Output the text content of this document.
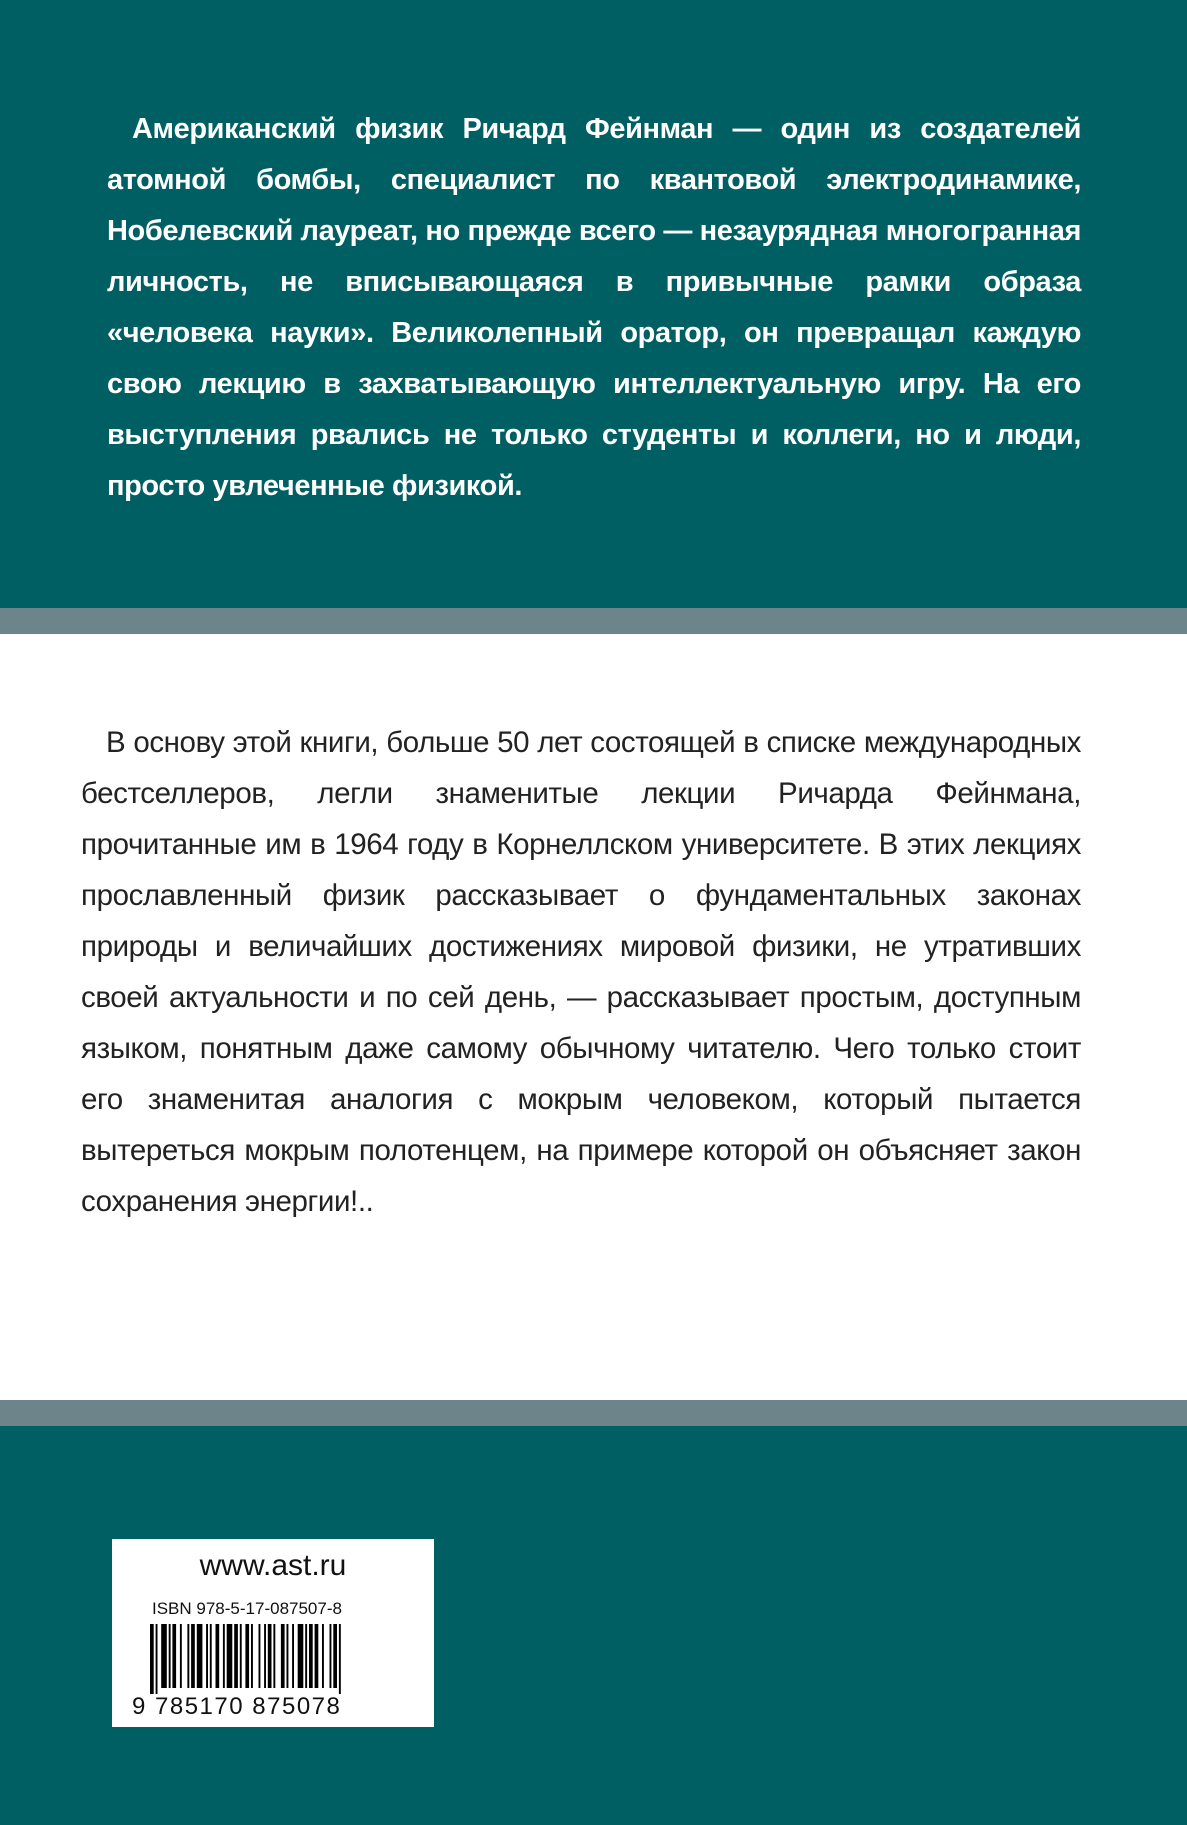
Американский физик Ричард Фейнман — один из создателей атомной бомбы, специалист по квантовой электродинамике, Нобелевский лауреат, но прежде всего — незаурядная многогранная личность, не вписывающаяся в привычные рамки образа «человека науки». Великолепный оратор, он превращал каждую свою лекцию в захватывающую интеллектуальную игру. На его выступления рвались не только студенты и коллеги, но и люди, просто увлеченные физикой.

В основу этой книги, больше 50 лет состоящей в списке международных бестселлеров, легли знаменитые лекции Ричарда Фейнмана, прочитанные им в 1964 году в Корнеллском университете. В этих лекциях прославленный физик рассказывает о фундаментальных законах природы и величайших достижениях мировой физики, не утративших своей актуальности и по сей день, — рассказывает простым, доступным языком, понятным даже самому обычному читателю. Чего только стоит его знаменитая аналогия с мокрым человеком, который пытается вытереться мокрым полотенцем, на примере которой он объясняет закон сохранения энергии!..

www.ast.ru
ISBN 978-5-17-087507-8
9 785170 875078
